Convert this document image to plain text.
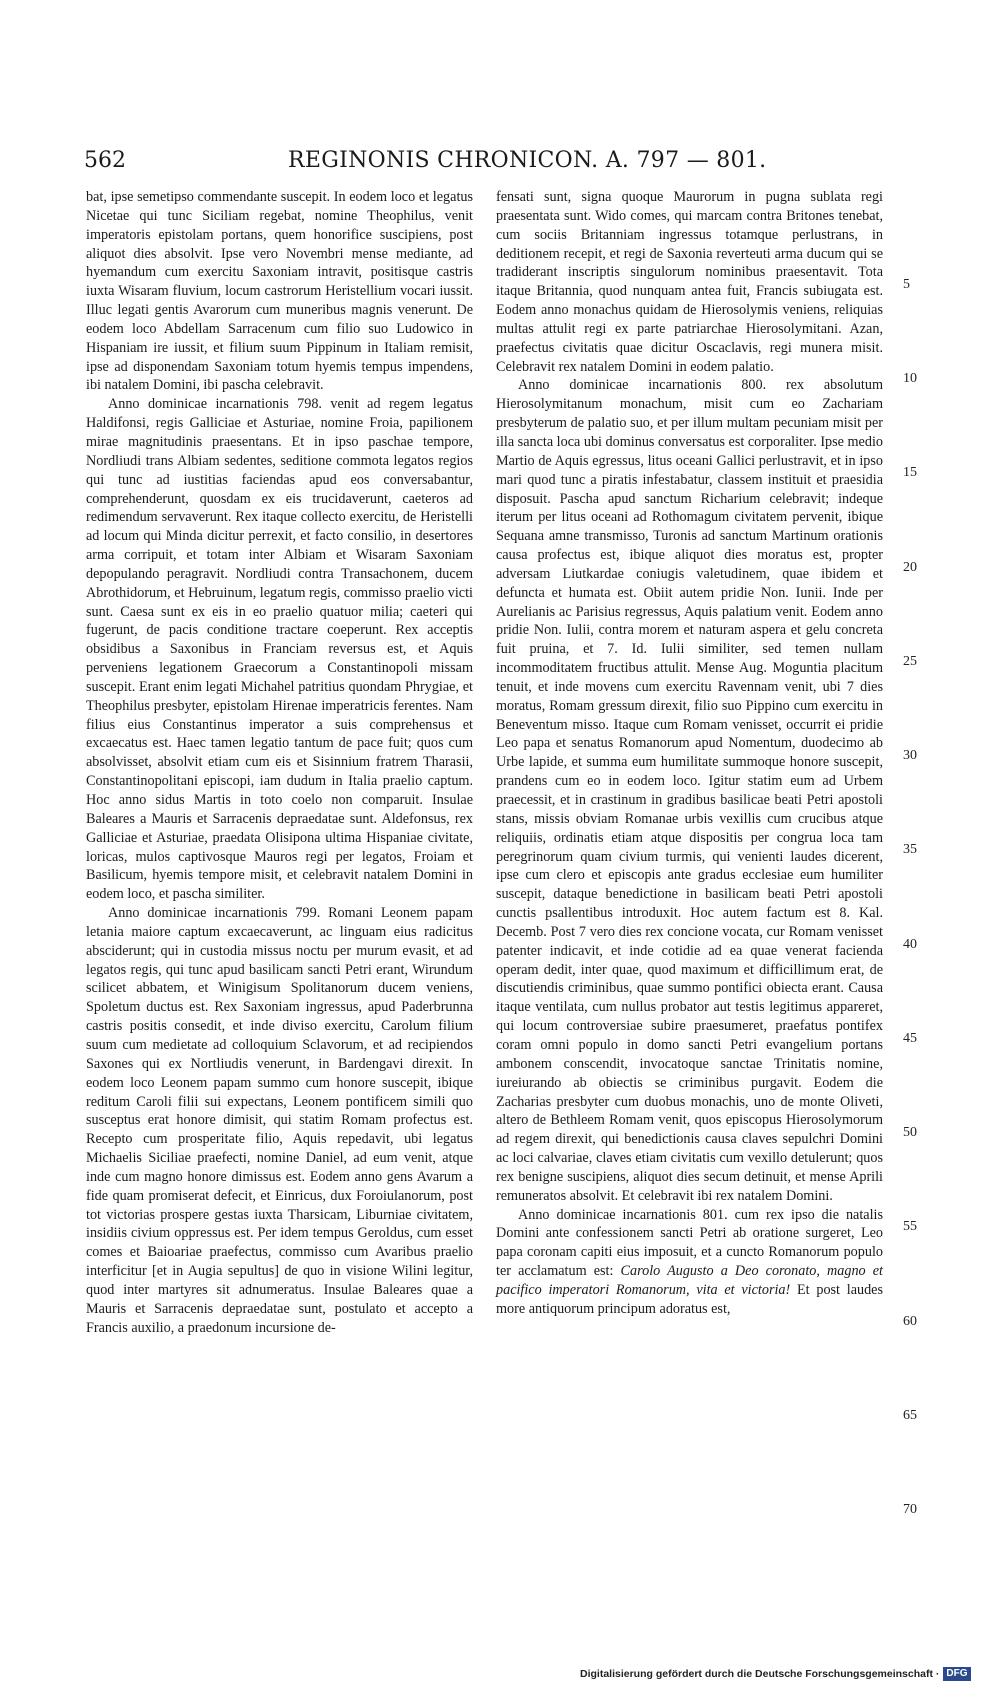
562	REGINONIS CHRONICON. A. 797 — 801.

bat, ipse semetipso commendante suscepit. In eodem loco et legatus Nicetae qui tunc Siciliam regebat, nomine Theophilus, venit imperatoris epistolam portans, quem honorifice suscipiens, post aliquot dies absolvit. Ipse vero Novembri mense mediante, ad hyemandum cum exercitu Saxoniam intravit, positisque castris iuxta Wisaram fluvium, locum castrorum Heristellium vocari iussit. Illuc legati gentis Avarorum cum muneribus magnis venerunt. De eodem loco Abdellam Sarracenum cum filio suo Ludowico in Hispaniam ire iussit, et filium suum Pippinum in Italiam remisit, ipse ad disponendam Saxoniam totum hyemis tempus impendens, ibi natalem Domini, ibi pascha celebravit.

Anno dominicae incarnationis 798. venit ad regem legatus Haldifonsi, regis Galliciae et Asturiae, nomine Froia, papilionem mirae magnitudinis praesentans. Et in ipso paschae tempore, Nordliudi trans Albiam sedentes, seditione commota legatos regios qui tunc ad iustitias faciendas apud eos conversabantur, comprehenderunt, quosdam ex eis trucidaverunt, caeteros ad redimendum servaverunt. Rex itaque collecto exercitu, de Heristelli ad locum qui Minda dicitur perrexit, et facto consilio, in desertores arma corripuit, et totam inter Albiam et Wisaram Saxoniam depopulando peragravit. Nordliudi contra Transachonem, ducem Abrothidorum, et Hebruinum, legatum regis, commisso praelio victi sunt. Caesa sunt ex eis in eo praelio quatuor milia; caeteri qui fugerunt, de pacis conditione tractare coeperunt. Rex acceptis obsidibus a Saxonibus in Franciam reversus est, et Aquis perveniens legationem Graecorum a Constantinopoli missam suscepit. Erant enim legati Michahel patritius quondam Phrygiae, et Theophilus presbyter, epistolam Hirenae imperatricis ferentes. Nam filius eius Constantinus imperator a suis comprehensus et excaecatus est. Haec tamen legatio tantum de pace fuit; quos cum absolvisset, absolvit etiam cum eis et Sisinnium fratrem Tharasii, Constantinopolitani episcopi, iam dudum in Italia praelio captum. Hoc anno sidus Martis in toto coelo non comparuit. Insulae Baleares a Mauris et Sarracenis depraedatae sunt. Aldefonsus, rex Galliciae et Asturiae, praedata Olisipona ultima Hispaniae civitate, loricas, mulos captivosque Mauros regi per legatos, Froiam et Basilicum, hyemis tempore misit, et celebravit natalem Domini in eodem loco, et pascha similiter.

Anno dominicae incarnationis 799. Romani Leonem papam letania maiore captum excaecaverunt, ac linguam eius radicitus absciderunt; qui in custodia missus noctu per murum evasit, et ad legatos regis, qui tunc apud basilicam sancti Petri erant, Wirundum scilicet abbatem, et Winigisum Spolitanorum ducem veniens, Spoletum ductus est. Rex Saxoniam ingressus, apud Paderbrunna castris positis consedit, et inde diviso exercitu, Carolum filium suum cum medietate ad colloquium Sclavorum, et ad recipiendos Saxones qui ex Nortliudis venerunt, in Bardengavi direxit. In eodem loco Leonem papam summo cum honore suscepit, ibique reditum Caroli filii sui expectans, Leonem pontificem simili quo susceptus erat honore dimisit, qui statim Romam profectus est. Recepto cum prosperitate filio, Aquis repedavit, ubi legatus Michaelis Siciliae praefecti, nomine Daniel, ad eum venit, atque inde cum magno honore dimissus est. Eodem anno gens Avarum a fide quam promiserat defecit, et Einricus, dux Foroiulanorum, post tot victorias prospere gestas iuxta Tharsicam, Liburniae civitatem, insidiis civium oppressus est. Per idem tempus Geroldus, cum esset comes et Baioariae praefectus, commisso cum Avaribus praelio interficitur [et in Augia sepultus] de quo in visione Wilini legitur, quod inter martyres sit adnumeratus. Insulae Baleares quae a Mauris et Sarracenis depraedatae sunt, postulato et accepto a Francis auxilio, a praedonum incursione de-

fensati sunt, signa quoque Maurorum in pugna sublata regi praesentata sunt. Wido comes, qui marcam contra Britones tenebat, cum sociis Britanniam ingressus totamque perlustrans, in deditionem recepit, et regi de Saxonia reverteuti arma ducum qui se tradiderant inscriptis singulorum nominibus praesentavit. Tota itaque Britannia, quod nunquam antea fuit, Francis subiugata est. Eodem anno monachus quidam de Hierosolymis veniens, reliquias multas attulit regi ex parte patriarchae Hierosolymitani. Azan, praefectus civitatis quae dicitur Oscaclavis, regi munera misit. Celebravit rex natalem Domini in eodem palatio.

Anno dominicae incarnationis 800. rex absolutum Hierosolymitanum monachum, misit cum eo Zachariam presbyterum de palatio suo, et per illum multam pecuniam misit per illa sancta loca ubi dominus conversatus est corporaliter. Ipse medio Martio de Aquis egressus, litus oceani Gallici perlustravit, et in ipso mari quod tunc a piratis infestabatur, classem instituit et praesidia disposuit. Pascha apud sanctum Richarium celebravit; indeque iterum per litus oceani ad Rothomagum civitatem pervenit, ibique Sequana amne transmisso, Turonis ad sanctum Martinum orationis causa profectus est, ibique aliquot dies moratus est, propter adversam Liutkardae coniugis valetudinem, quae ibidem et defuncta et humata est. Obiit autem pridie Non. Iunii. Inde per Aurelianis ac Parisius regressus, Aquis palatium venit. Eodem anno pridie Non. Iulii, contra morem et naturam aspera et gelu concreta fuit pruina, et 7. Id. Iulii similiter, sed temen nullam incommoditatem fructibus attulit. Mense Aug. Moguntia placitum tenuit, et inde movens cum exercitu Ravennam venit, ubi 7 dies moratus, Romam gressum direxit, filio suo Pippino cum exercitu in Beneventum misso. Itaque cum Romam venisset, occurrit ei pridie Leo papa et senatus Romanorum apud Nomentum, duodecimo ab Urbe lapide, et summa eum humilitate summoque honore suscepit, prandens cum eo in eodem loco. Igitur statim eum ad Urbem praecessit, et in crastinum in gradibus basilicae beati Petri apostoli stans, missis obviam Romanae urbis vexillis cum crucibus atque reliquiis, ordinatis etiam atque dispositis per congrua loca tam peregrinorum quam civium turmis, qui venienti laudes dicerent, ipse cum clero et episcopis ante gradus ecclesiae eum humiliter suscepit, dataque benedictione in basilicam beati Petri apostoli cunctis psallentibus introduxit. Hoc autem factum est 8. Kal. Decemb. Post 7 vero dies rex concione vocata, cur Romam venisset patenter indicavit, et inde cotidie ad ea quae venerat facienda operam dedit, inter quae, quod maximum et difficillimum erat, de discutiendis criminibus, quae summo pontifici obiecta erant. Causa itaque ventilata, cum nullus probator aut testis legitimus appareret, qui locum controversiae subire praesumeret, praefatus pontifex coram omni populo in domo sancti Petri evangelium portans ambonem conscendit, invocatoque sanctae Trinitatis nomine, iureiurando ab obiectis se criminibus purgavit. Eodem die Zacharias presbyter cum duobus monachis, uno de monte Oliveti, altero de Bethleem Romam venit, quos episcopus Hierosolymorum ad regem direxit, qui benedictionis causa claves sepulchri Domini ac loci calvariae, claves etiam civitatis cum vexillo detulerunt; quos rex benigne suscipiens, aliquot dies secum detinuit, et mense Aprili remuneratos absolvit. Et celebravit ibi rex natalem Domini.

Anno dominicae incarnationis 801. cum rex ipso die natalis Domini ante confessionem sancti Petri ab oratione surgeret, Leo papa coronam capiti eius imposuit, et a cuncto Romanorum populo ter acclamatum est: Carolo Augusto a Deo coronato, magno et pacifico imperatori Romanorum, vita et victoria! Et post laudes more antiquorum principum adoratus est,

5
10
15
20
25
30
35
40
45
50
55
60
65
70
Digitalisierung gefördert durch die Deutsche Forschungsgemeinschaft · DFG
